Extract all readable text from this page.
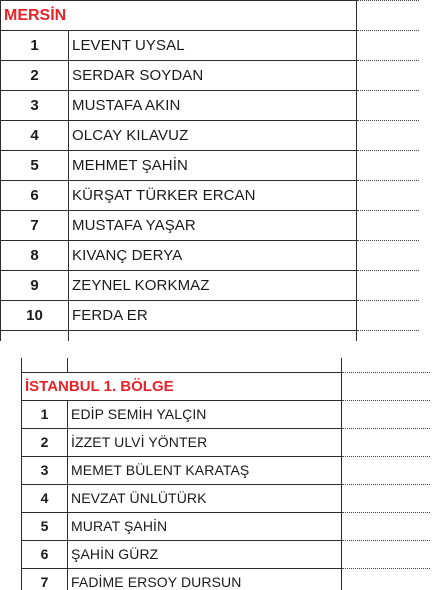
MERSİN		
1	LEVENT UYSAL	
2	SERDAR SOYDAN	
3	MUSTAFA AKIN	
4	OLCAY KILAVUZ	
5	MEHMET ŞAHİN	
6	KÜRŞAT TÜRKER ERCAN	
7	MUSTAFA YAŞAR	
8	KIVANÇ DERYA	
9	ZEYNEL KORKMAZ	
10	FERDA ER	

İSTANBUL 1. BÖLGE		
1	EDİP SEMİH YALÇIN	
2	İZZET ULVİ YÖNTER	
3	MEMET BÜLENT KARATAŞ	
4	NEVZAT ÜNLÜTÜRK	
5	MURAT ŞAHİN	
6	ŞAHİN GÜRZ	
7	FADİME ERSOY DURSUN	
